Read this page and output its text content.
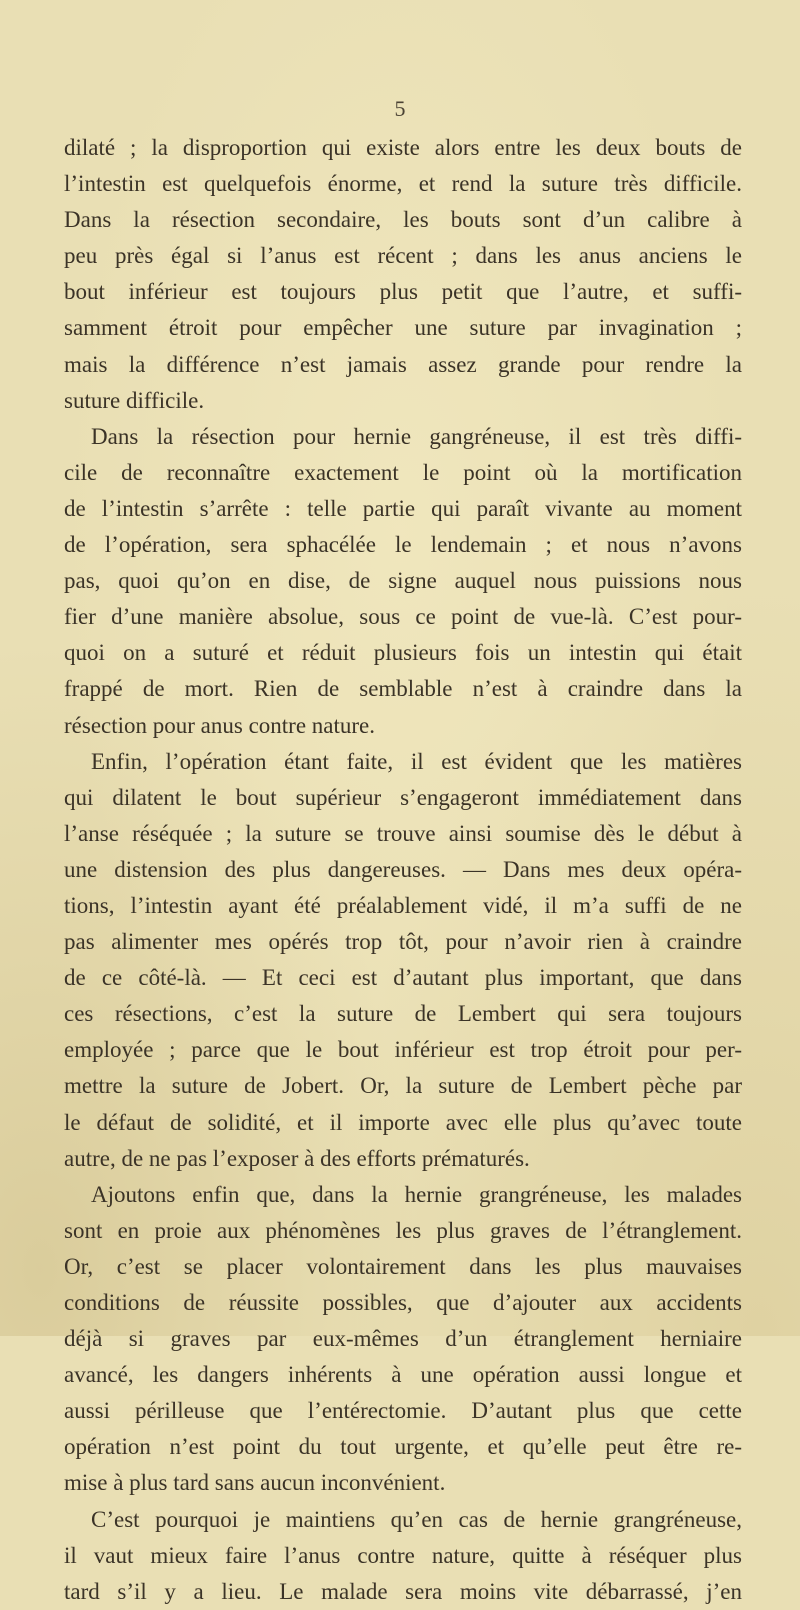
5
dilaté ; la disproportion qui existe alors entre les deux bouts de
l’intestin est quelquefois énorme, et rend la suture très difficile.
Dans la résection secondaire, les bouts sont d’un calibre à
peu près égal si l’anus est récent ; dans les anus anciens le
bout inférieur est toujours plus petit que l’autre, et suffi-
samment étroit pour empêcher une suture par invagination ;
mais la différence n’est jamais assez grande pour rendre la
suture difficile.
Dans la résection pour hernie gangréneuse, il est très diffi-
cile de reconnaître exactement le point où la mortification
de l’intestin s’arrête : telle partie qui paraît vivante au moment
de l’opération, sera sphacélée le lendemain ; et nous n’avons
pas, quoi qu’on en dise, de signe auquel nous puissions nous
fier d’une manière absolue, sous ce point de vue-là. C’est pour-
quoi on a suturé et réduit plusieurs fois un intestin qui était
frappé de mort. Rien de semblable n’est à craindre dans la
résection pour anus contre nature.
Enfin, l’opération étant faite, il est évident que les matières
qui dilatent le bout supérieur s’engageront immédiatement dans
l’anse réséquée ; la suture se trouve ainsi soumise dès le début à
une distension des plus dangereuses. — Dans mes deux opéra-
tions, l’intestin ayant été préalablement vidé, il m’a suffi de ne
pas alimenter mes opérés trop tôt, pour n’avoir rien à craindre
de ce côté-là. — Et ceci est d’autant plus important, que dans
ces résections, c’est la suture de Lembert qui sera toujours
employée ; parce que le bout inférieur est trop étroit pour per-
mettre la suture de Jobert. Or, la suture de Lembert pèche par
le défaut de solidité, et il importe avec elle plus qu’avec toute
autre, de ne pas l’exposer à des efforts prématurés.
Ajoutons enfin que, dans la hernie grangréneuse, les malades
sont en proie aux phénomènes les plus graves de l’étranglement.
Or, c’est se placer volontairement dans les plus mauvaises
conditions de réussite possibles, que d’ajouter aux accidents
déjà si graves par eux-mêmes d’un étranglement herniaire
avancé, les dangers inhérents à une opération aussi longue et
aussi périlleuse que l’entérectomie. D’autant plus que cette
opération n’est point du tout urgente, et qu’elle peut être re-
mise à plus tard sans aucun inconvénient.
C’est pourquoi je maintiens qu’en cas de hernie grangréneuse,
il vaut mieux faire l’anus contre nature, quitte à réséquer plus
tard s’il y a lieu. Le malade sera moins vite débarrassé, j’en
